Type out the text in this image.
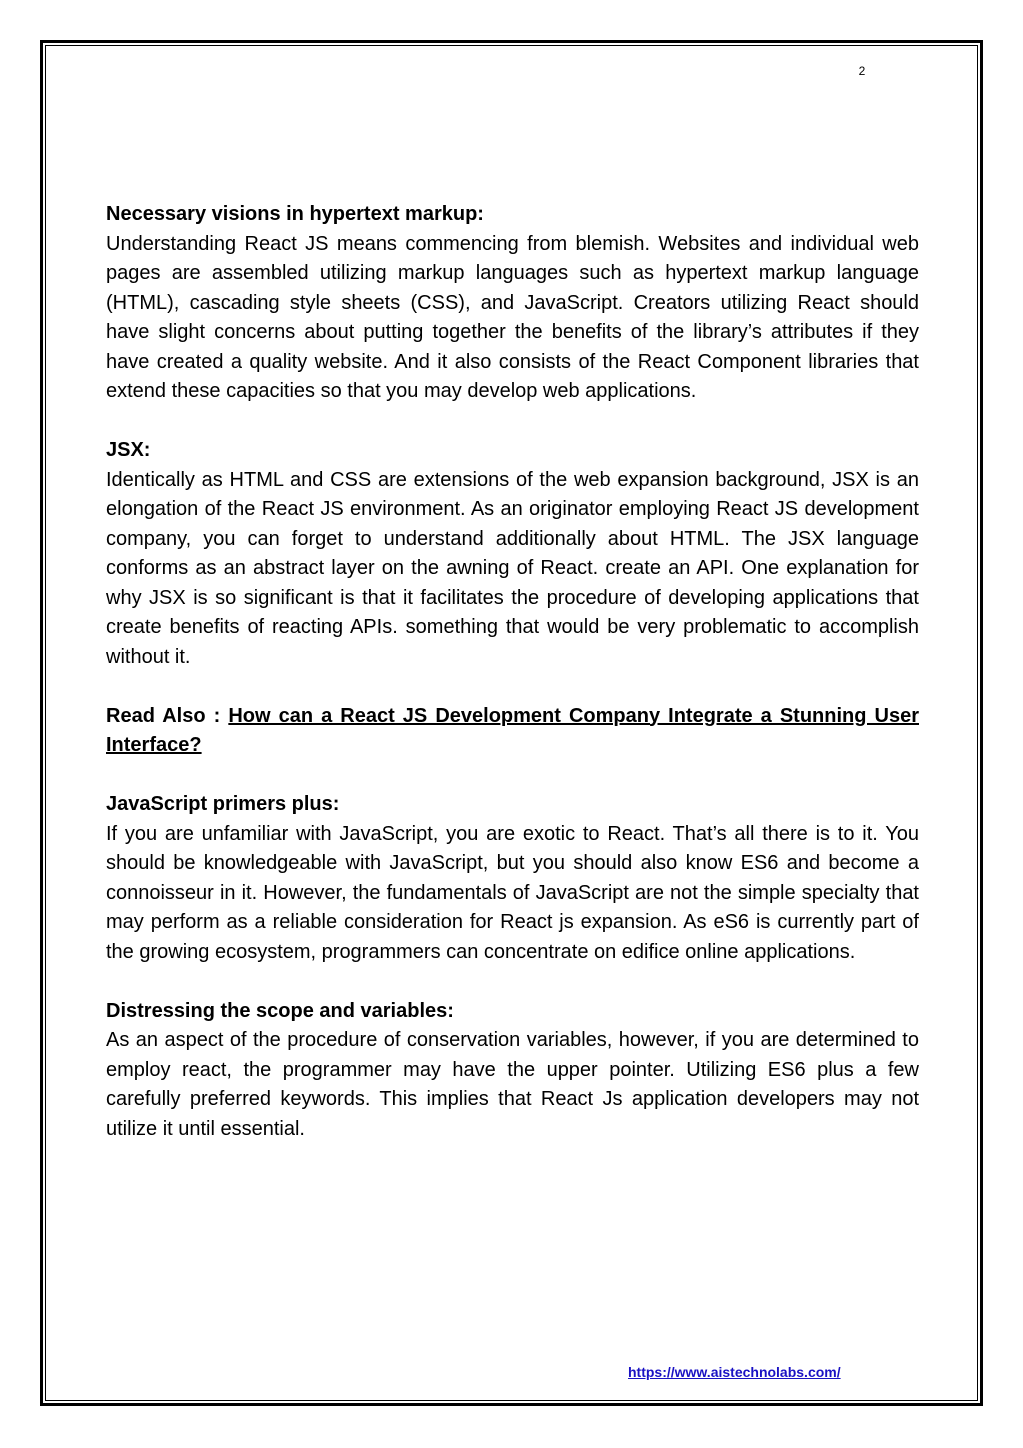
2

Necessary visions in hypertext markup:

Understanding React JS means commencing from blemish. Websites and individual web pages are assembled utilizing markup languages such as hypertext markup language (HTML), cascading style sheets (CSS), and JavaScript. Creators utilizing React should have slight concerns about putting together the benefits of the library’s attributes if they have created a quality website. And it also consists of the React Component libraries that extend these capacities so that you may develop web applications.

JSX:

Identically as HTML and CSS are extensions of the web expansion background, JSX is an elongation of the React JS environment. As an originator employing React JS development company, you can forget to understand additionally about HTML. The JSX language conforms as an abstract layer on the awning of React. create an API. One explanation for why JSX is so significant is that it facilitates the procedure of developing applications that create benefits of reacting APIs. something that would be very problematic to accomplish without it.

Read Also : How can a React JS Development Company Integrate a Stunning User Interface?

JavaScript primers plus:

If you are unfamiliar with JavaScript, you are exotic to React. That’s all there is to it. You should be knowledgeable with JavaScript, but you should also know ES6 and become a connoisseur in it. However, the fundamentals of JavaScript are not the simple specialty that may perform as a reliable consideration for React js expansion. As eS6 is currently part of the growing ecosystem, programmers can concentrate on edifice online applications.

Distressing the scope and variables:

As an aspect of the procedure of conservation variables, however, if you are determined to employ react, the programmer may have the upper pointer. Utilizing ES6 plus a few carefully preferred keywords. This implies that React Js application developers may not utilize it until essential.

https://www.aistechnolabs.com/
